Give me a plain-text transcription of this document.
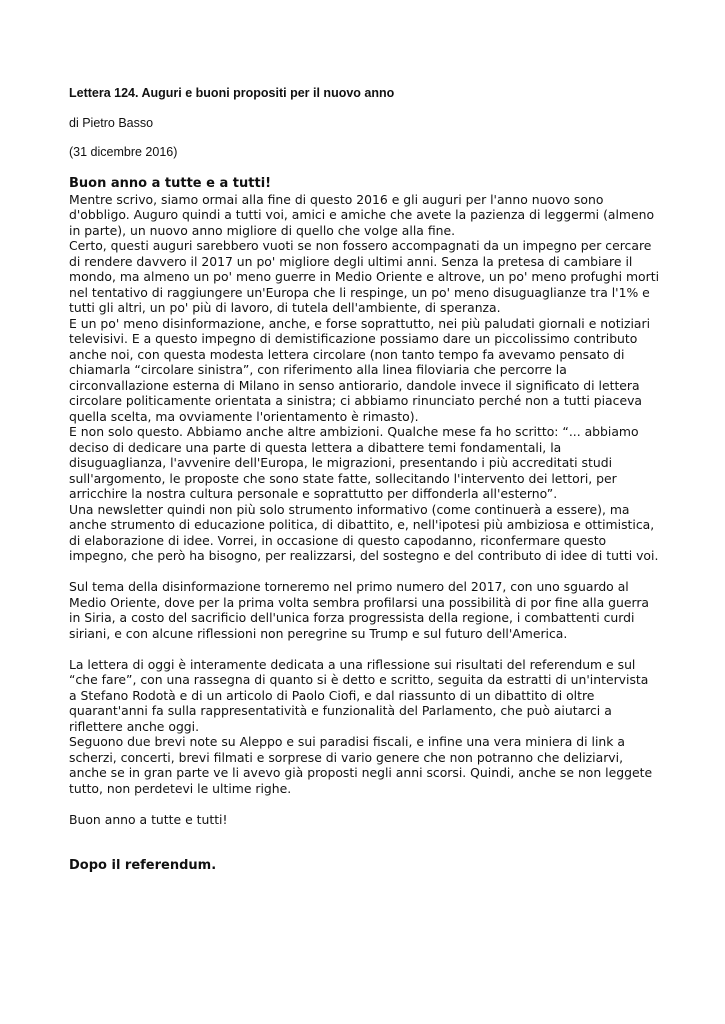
Lettera 124. Auguri e buoni propositi per il nuovo anno

di Pietro Basso

(31 dicembre 2016)

Buon anno a tutte e a tutti!

Mentre scrivo, siamo ormai alla fine di questo 2016 e gli auguri per l'anno nuovo sono d'obbligo. Auguro quindi a tutti voi, amici e amiche che avete la pazienza di leggermi (almeno in parte), un nuovo anno migliore di quello che volge alla fine.

Certo, questi auguri sarebbero vuoti se non fossero accompagnati da un impegno per cercare di rendere davvero il 2017 un po' migliore degli ultimi anni. Senza la pretesa di cambiare il mondo, ma almeno un po' meno guerre in Medio Oriente e altrove, un po' meno profughi morti nel tentativo di raggiungere un'Europa che li respinge, un po' meno disuguaglianze tra l'1% e tutti gli altri, un po' più di lavoro, di tutela dell'ambiente, di speranza.

E un po' meno disinformazione, anche, e forse soprattutto, nei più paludati giornali e notiziari televisivi. E a questo impegno di demistificazione possiamo dare un piccolissimo contributo anche noi, con questa modesta lettera circolare (non tanto tempo fa avevamo pensato di chiamarla “circolare sinistra”, con riferimento alla linea filoviaria che percorre la circonvallazione esterna di Milano in senso antiorario, dandole invece il significato di lettera circolare politicamente orientata a sinistra; ci abbiamo rinunciato perché non a tutti piaceva quella scelta, ma ovviamente l'orientamento è rimasto).

E non solo questo. Abbiamo anche altre ambizioni. Qualche mese fa ho scritto: “... abbiamo deciso di dedicare una parte di questa lettera a dibattere temi fondamentali, la disuguaglianza, l'avvenire dell'Europa, le migrazioni, presentando i più accreditati studi sull'argomento, le proposte che sono state fatte, sollecitando l'intervento dei lettori, per arricchire la nostra cultura personale e soprattutto per diffonderla all'esterno”.

Una newsletter quindi non più solo strumento informativo (come continuerà a essere), ma anche strumento di educazione politica, di dibattito, e, nell'ipotesi più ambiziosa e ottimistica, di elaborazione di idee. Vorrei, in occasione di questo capodanno, riconfermare questo impegno, che però ha bisogno, per realizzarsi, del sostegno e del contributo di idee di tutti voi.

Sul tema della disinformazione torneremo nel primo numero del 2017, con uno sguardo al Medio Oriente, dove per la prima volta sembra profilarsi una possibilità di por fine alla guerra in Siria, a costo del sacrificio dell'unica forza progressista della regione, i combattenti curdi siriani, e con alcune riflessioni non peregrine su Trump e sul futuro dell'America.

La lettera di oggi è interamente dedicata a una riflessione sui risultati del referendum e sul “che fare”, con una rassegna di quanto si è detto e scritto, seguita da estratti di un'intervista a Stefano Rodotà e di un articolo di Paolo Ciofi, e dal riassunto di un dibattito di oltre quarant'anni fa sulla rappresentatività e funzionalità del Parlamento, che può aiutarci a riflettere anche oggi.

Seguono due brevi note su Aleppo e sui paradisi fiscali, e infine una vera miniera di link a scherzi, concerti, brevi filmati e sorprese di vario genere che non potranno che deliziarvi, anche se in gran parte ve li avevo già proposti negli anni scorsi. Quindi, anche se non leggete tutto, non perdetevi le ultime righe.

Buon anno a tutte e tutti!

Dopo il referendum.
